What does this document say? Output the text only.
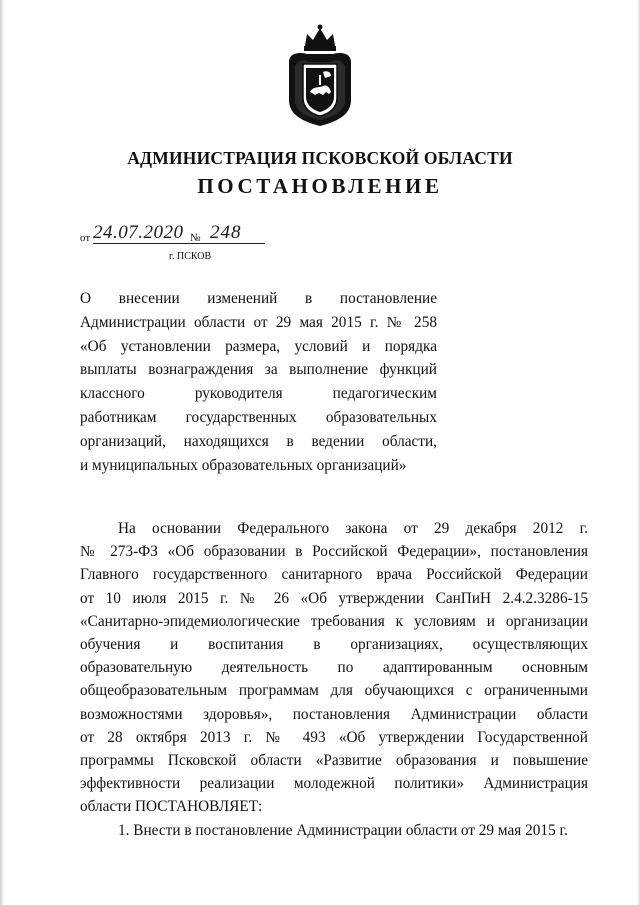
АДМИНИСТРАЦИЯ ПСКОВСКОЙ ОБЛАСТИ
ПОСТАНОВЛЕНИЕ
от 24.07.2020 № 248
г. ПСКОВ
О внесении изменений в постановление
Администрации области от 29 мая 2015 г. № 258
«Об установлении размера, условий и порядка
выплаты вознаграждения за выполнение функций
классного руководителя педагогическим
работникам государственных образовательных
организаций, находящихся в ведении области,
и муниципальных образовательных организаций»
На основании Федерального закона от 29 декабря 2012 г.
№ 273-ФЗ «Об образовании в Российской Федерации», постановления
Главного государственного санитарного врача Российской Федерации
от 10 июля 2015 г. № 26 «Об утверждении СанПиН 2.4.2.3286-15
«Санитарно-эпидемиологические требования к условиям и организации
обучения и воспитания в организациях, осуществляющих
образовательную деятельность по адаптированным основным
общеобразовательным программам для обучающихся с ограниченными
возможностями здоровья», постановления Администрации области
от 28 октября 2013 г. № 493 «Об утверждении Государственной
программы Псковской области «Развитие образования и повышение
эффективности реализации молодежной политики» Администрация
области ПОСТАНОВЛЯЕТ:
1. Внести в постановление Администрации области от 29 мая 2015 г.
